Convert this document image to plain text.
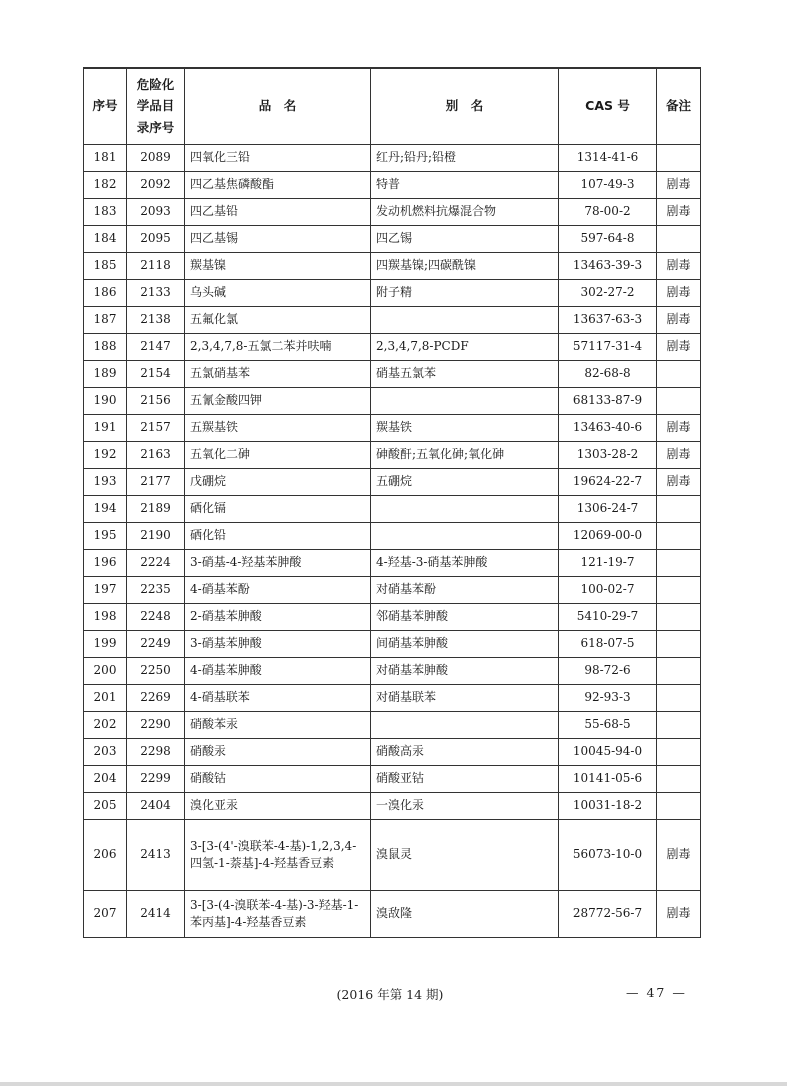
序号	危险化
学品目
录序号	品　名	别　名	CAS 号	备注
181	2089	四氧化三铅	红丹;铅丹;铅橙	1314-41-6	
182	2092	四乙基焦磷酸酯	特普	107-49-3	剧毒
183	2093	四乙基铅	发动机燃料抗爆混合物	78-00-2	剧毒
184	2095	四乙基锡	四乙锡	597-64-8	
185	2118	羰基镍	四羰基镍;四碳酰镍	13463-39-3	剧毒
186	2133	乌头碱	附子精	302-27-2	剧毒
187	2138	五氟化氯		13637-63-3	剧毒
188	2147	2,3,4,7,8-五氯二苯并呋喃	2,3,4,7,8-PCDF	57117-31-4	剧毒
189	2154	五氯硝基苯	硝基五氯苯	82-68-8	
190	2156	五氰金酸四钾		68133-87-9	
191	2157	五羰基铁	羰基铁	13463-40-6	剧毒
192	2163	五氧化二砷	砷酸酐;五氧化砷;氧化砷	1303-28-2	剧毒
193	2177	戊硼烷	五硼烷	19624-22-7	剧毒
194	2189	硒化镉		1306-24-7	
195	2190	硒化铅		12069-00-0	
196	2224	3-硝基-4-羟基苯胂酸	4-羟基-3-硝基苯胂酸	121-19-7	
197	2235	4-硝基苯酚	对硝基苯酚	100-02-7	
198	2248	2-硝基苯胂酸	邻硝基苯胂酸	5410-29-7	
199	2249	3-硝基苯胂酸	间硝基苯胂酸	618-07-5	
200	2250	4-硝基苯胂酸	对硝基苯胂酸	98-72-6	
201	2269	4-硝基联苯	对硝基联苯	92-93-3	
202	2290	硝酸苯汞		55-68-5	
203	2298	硝酸汞	硝酸高汞	10045-94-0	
204	2299	硝酸钴	硝酸亚钴	10141-05-6	
205	2404	溴化亚汞	一溴化汞	10031-18-2	
206	2413	3-[3-(4'-溴联苯-4-基)-1,2,3,4-四氢-1-萘基]-4-羟基香豆素	溴鼠灵	56073-10-0	剧毒
207	2414	3-[3-(4-溴联苯-4-基)-3-羟基-1-苯丙基]-4-羟基香豆素	溴敌隆	28772-56-7	剧毒
(2016 年第 14 期)	— 47 —
